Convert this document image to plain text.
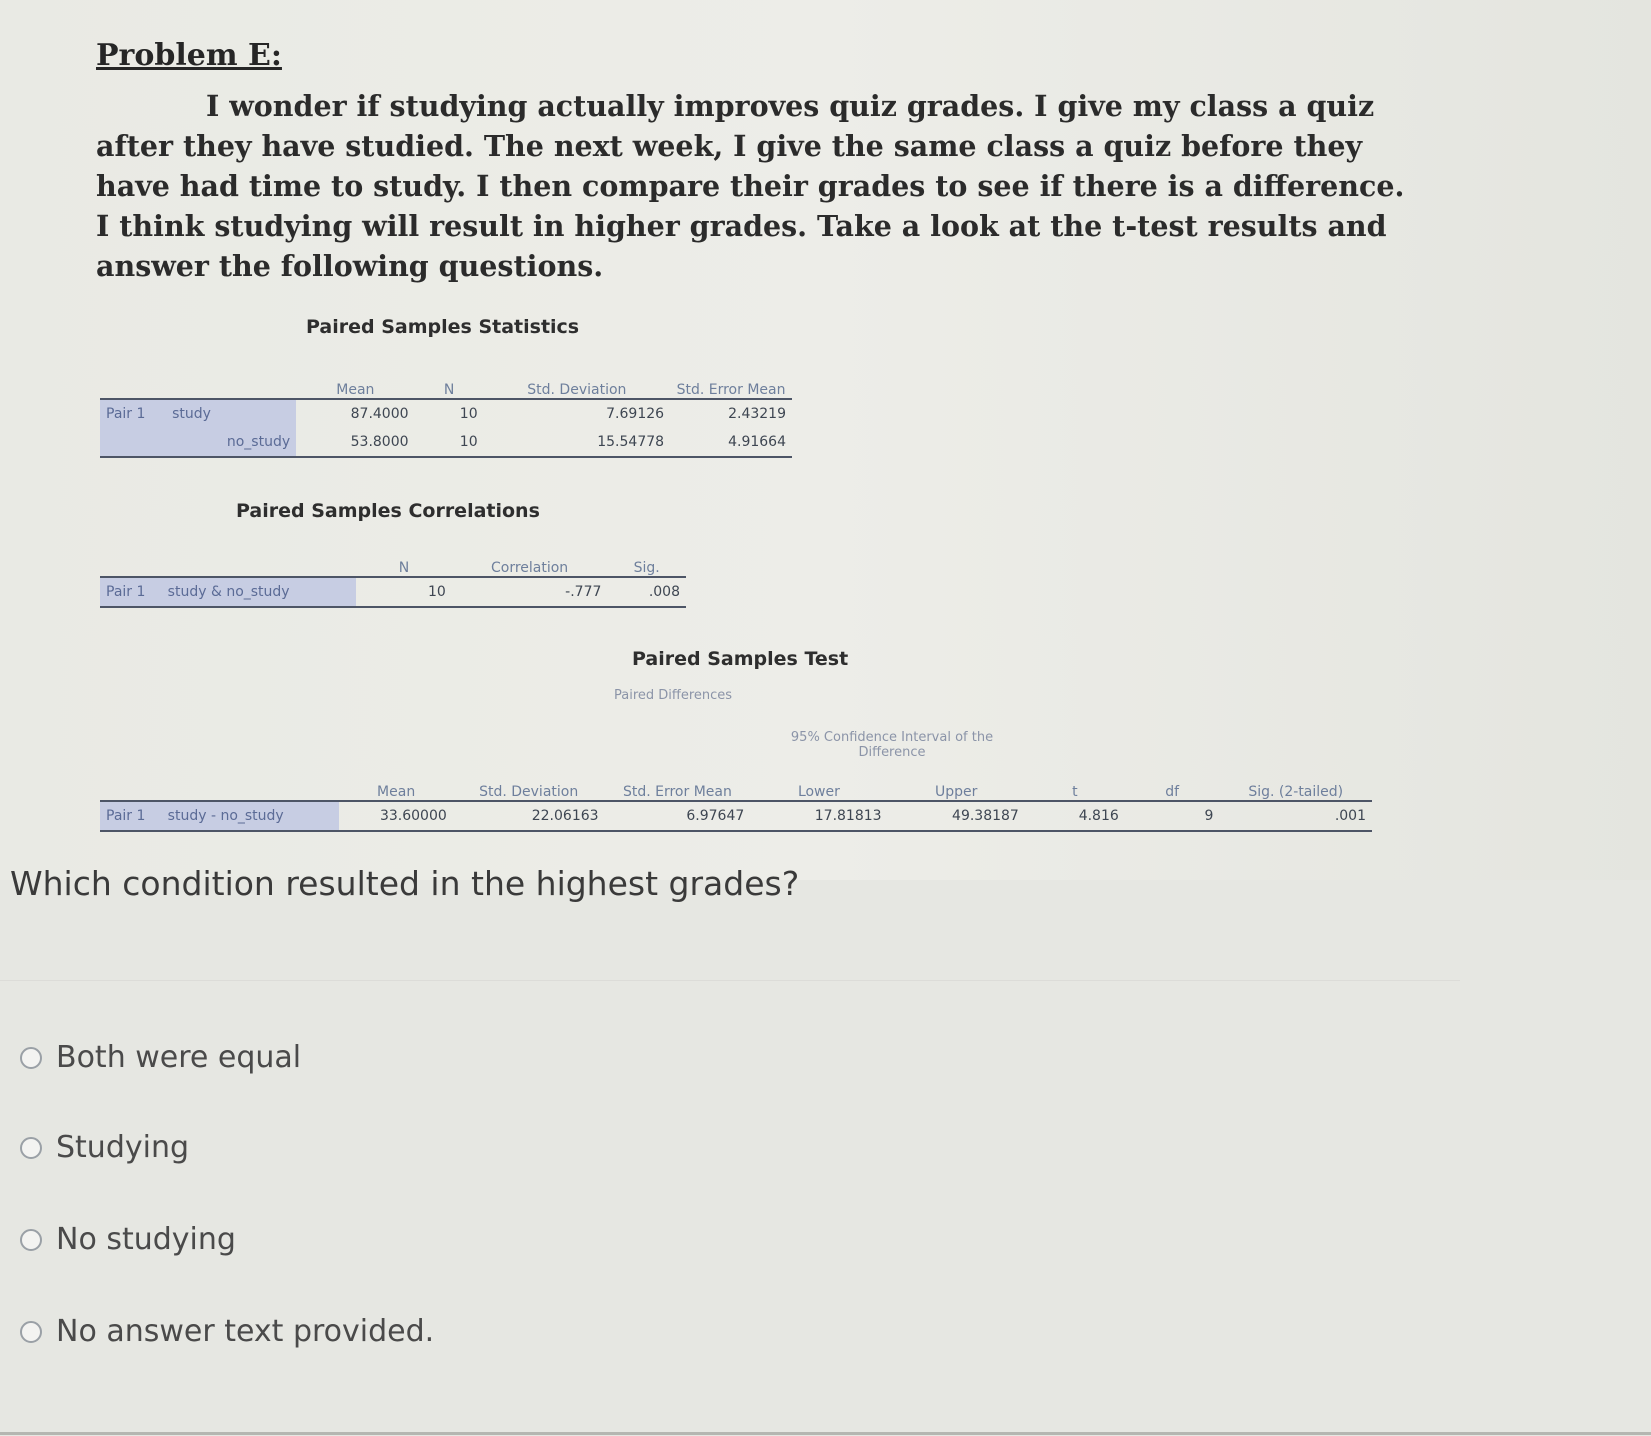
Problem E:

I wonder if studying actually improves quiz grades. I give my class a quiz after they have studied. The next week, I give the same class a quiz before they have had time to study. I then compare their grades to see if there is a difference. I think studying will result in higher grades. Take a look at the t-test results and answer the following questions.

Paired Samples Statistics
	Mean	N	Std. Deviation	Std. Error Mean
Pair 1 study	87.4000	10	7.69126	2.43219
no_study	53.8000	10	15.54778	4.91664
Paired Samples Correlations
	N	Correlation	Sig.
Pair 1 study & no_study	10	-.777	.008
Paired Samples Test
Paired Differences
95% Confidence Interval of the Difference
	Mean	Std. Deviation	Std. Error Mean	Lower	Upper	t	df	Sig. (2-tailed)
Pair 1 study - no_study	33.60000	22.06163	6.97647	17.81813	49.38187	4.816	9	.001
Which condition resulted in the highest grades?
Both were equal
Studying
No studying
No answer text provided.
